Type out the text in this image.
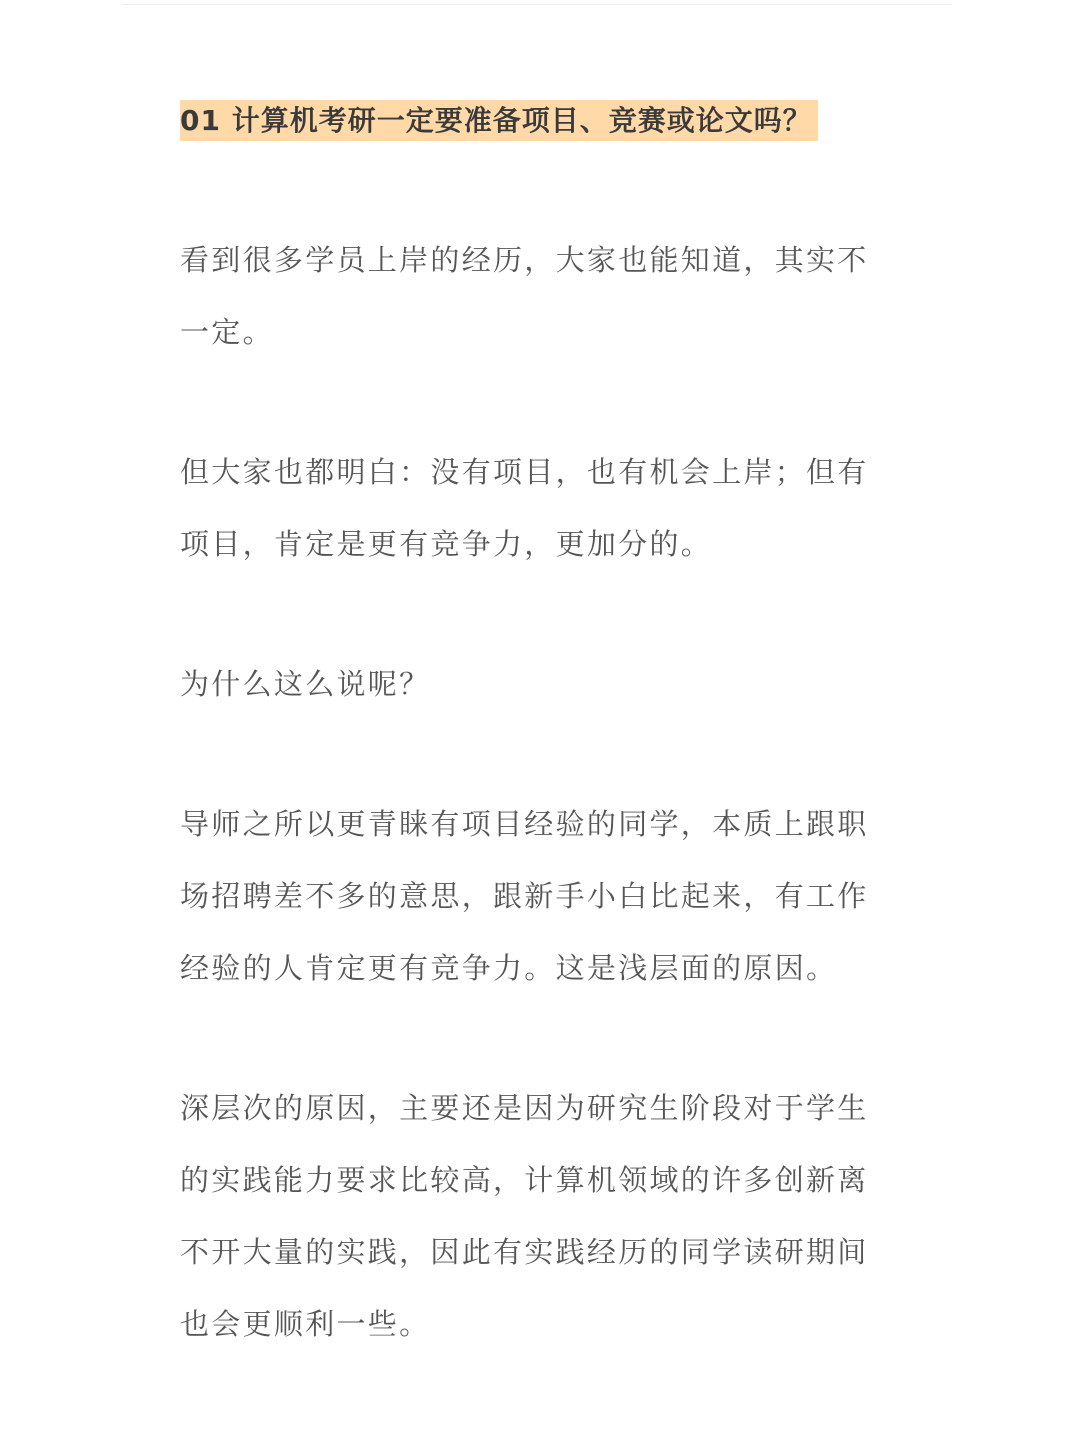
01 计算机考研一定要准备项目、竞赛或论文吗？

看到很多学员上岸的经历，大家也能知道，其实不
一定。

但大家也都明白：没有项目，也有机会上岸；但有
项目，肯定是更有竞争力，更加分的。

为什么这么说呢？

导师之所以更青睐有项目经验的同学，本质上跟职
场招聘差不多的意思，跟新手小白比起来，有工作
经验的人肯定更有竞争力。这是浅层面的原因。

深层次的原因，主要还是因为研究生阶段对于学生
的实践能力要求比较高，计算机领域的许多创新离
不开大量的实践，因此有实践经历的同学读研期间
也会更顺利一些。
